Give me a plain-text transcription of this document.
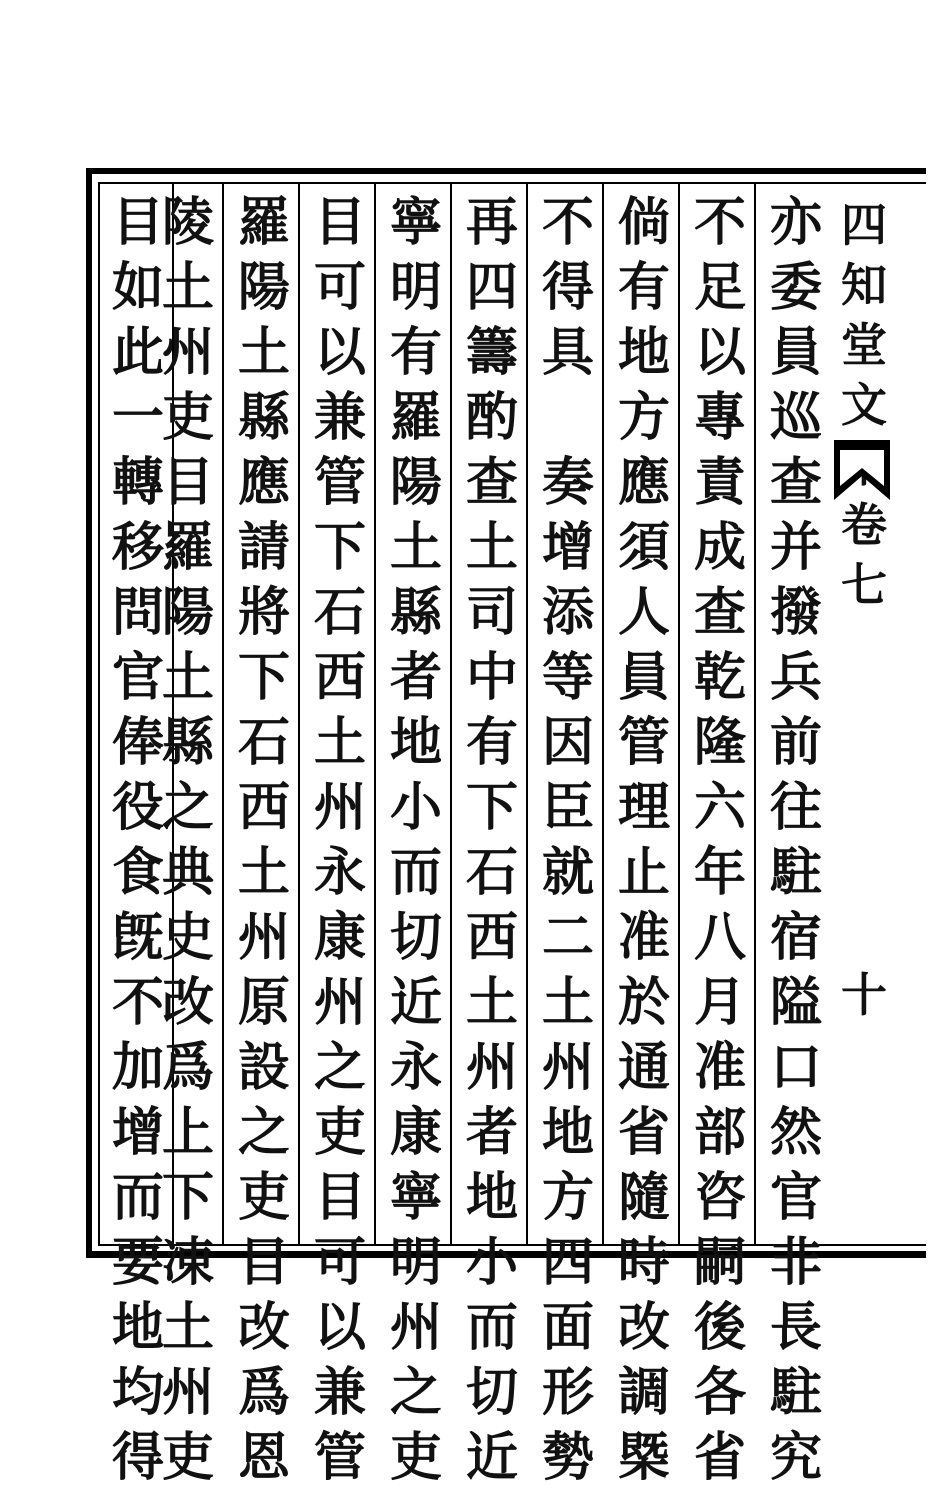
四
知
堂
文
卷
七
十
亦
委
員
巡
查
并
撥
兵
前
往
駐
宿
隘
口
然
官
非
長
駐
究
不
足
以
專
責
成
查
乾
隆
六
年
八
月
准
部
咨
嗣
後
各
省
倘
有
地
方
應
須
人
員
管
理
止
准
於
通
省
隨
時
改
調
槩
不
得
具

奏
增
添
等
因
臣
就
二
土
州
地
方
四
面
形
勢
再
四
籌
酌
查
土
司
中
有
下
石
西
土
州
者
地
小
而
切
近
寧
明
有
羅
陽
土
縣
者
地
小
而
切
近
永
康
寧
明
州
之
吏
目
可
以
兼
管
下
石
西
土
州
永
康
州
之
吏
目
可
以
兼
管
羅
陽
土
縣
應
請
將
下
石
西
土
州
原
設
之
吏
目
改
爲
恩
陵
土
州
吏
目
羅
陽
土
縣
之
典
史
改
爲
上
下
凍
土
州
吏
目
如
此
一
轉
移
問
官
俸
役
食
旣
不
加
增
而
要
地
均
得
